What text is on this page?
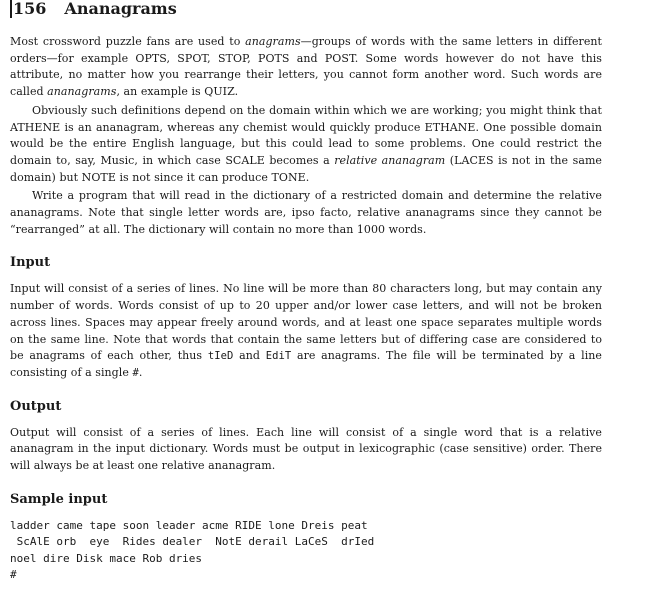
156 Ananagrams

Most crossword puzzle fans are used to anagrams—groups of words with the same letters in different orders—for example OPTS, SPOT, STOP, POTS and POST. Some words however do not have this attribute, no matter how you rearrange their letters, you cannot form another word. Such words are called ananagrams, an example is QUIZ.

Obviously such definitions depend on the domain within which we are working; you might think that ATHENE is an ananagram, whereas any chemist would quickly produce ETHANE. One possible domain would be the entire English language, but this could lead to some problems. One could restrict the domain to, say, Music, in which case SCALE becomes a relative ananagram (LACES is not in the same domain) but NOTE is not since it can produce TONE.

Write a program that will read in the dictionary of a restricted domain and determine the relative ananagrams. Note that single letter words are, ipso facto, relative ananagrams since they cannot be “rearranged” at all. The dictionary will contain no more than 1000 words.

Input

Input will consist of a series of lines. No line will be more than 80 characters long, but may contain any number of words. Words consist of up to 20 upper and/or lower case letters, and will not be broken across lines. Spaces may appear freely around words, and at least one space separates multiple words on the same line. Note that words that contain the same letters but of differing case are considered to be anagrams of each other, thus tIeD and EdiT are anagrams. The file will be terminated by a line consisting of a single #.

Output

Output will consist of a series of lines. Each line will consist of a single word that is a relative ananagram in the input dictionary. Words must be output in lexicographic (case sensitive) order. There will always be at least one relative ananagram.

Sample input
ladder came tape soon leader acme RIDE lone Dreis peat
ScAlE orb  eye  Rides dealer  NotE derail LaCeS  drIed
noel dire Disk mace Rob dries
#
